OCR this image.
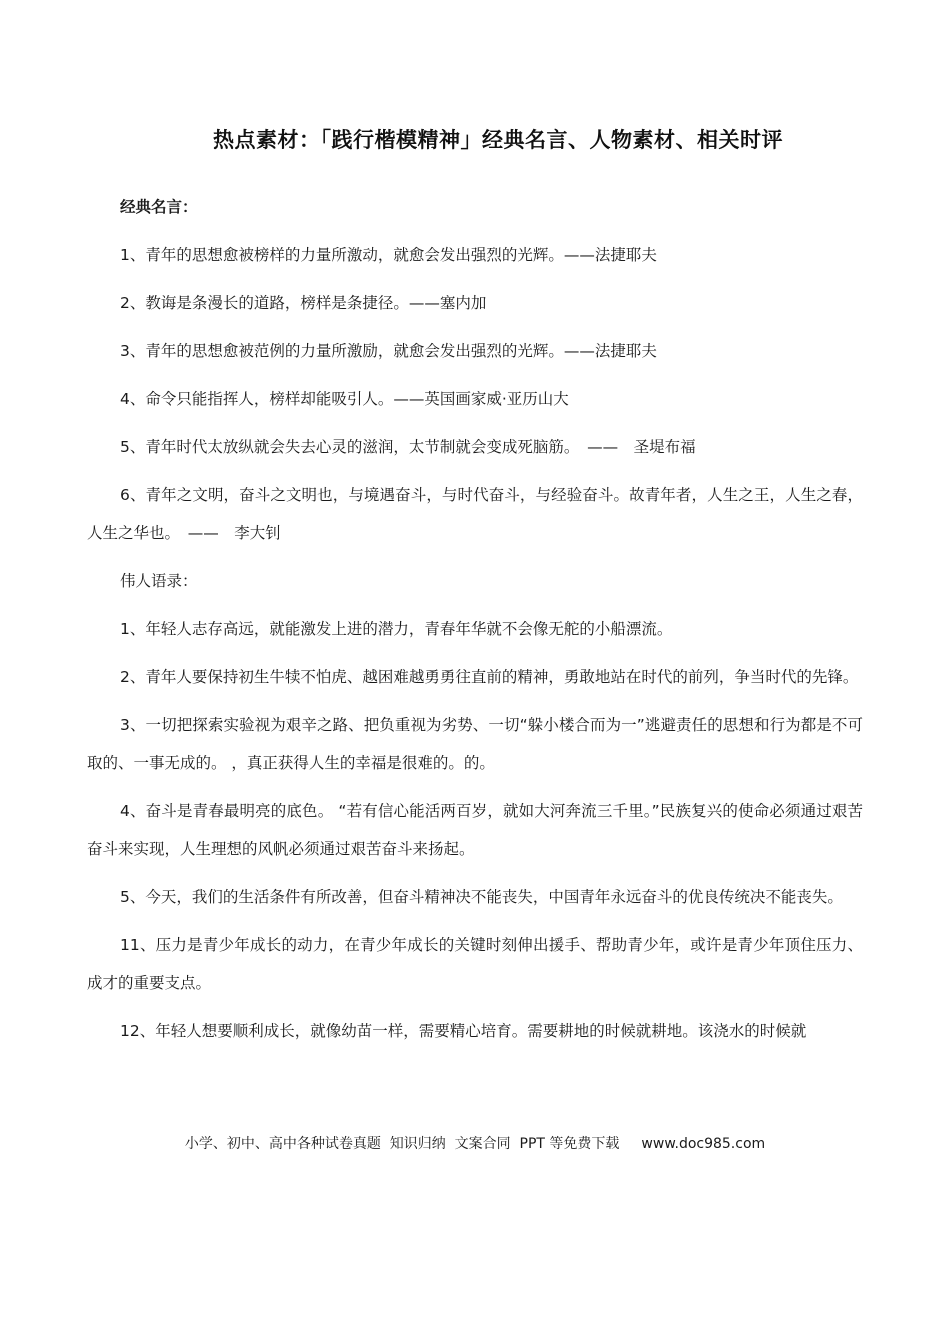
热点素材：「践行楷模精神」经典名言、人物素材、相关时评
经典名言：
1、青年的思想愈被榜样的力量所激动，就愈会发出强烈的光辉。——法捷耶夫
2、教诲是条漫长的道路，榜样是条捷径。——塞内加
3、青年的思想愈被范例的力量所激励，就愈会发出强烈的光辉。——法捷耶夫
4、命令只能指挥人，榜样却能吸引人。——英国画家威·亚历山大
5、青年时代太放纵就会失去心灵的滋润，太节制就会变成死脑筋。　——　圣堤布福
6、青年之文明，奋斗之文明也，与境遇奋斗，与时代奋斗，与经验奋斗。故青年者，人生之王，人生之春，人生之华也。　——　李大钊
伟人语录：
1、年轻人志存高远，就能激发上进的潜力，青春年华就不会像无舵的小船漂流。
2、青年人要保持初生牛犊不怕虎、越困难越勇勇往直前的精神，勇敢地站在时代的前列，争当时代的先锋。
3、一切把探索实验视为艰辛之路、把负重视为劣势、一切“躲小楼合而为一”逃避责任的思想和行为都是不可取的、一事无成的。 ，真正获得人生的幸福是很难的。的。
4、奋斗是青春最明亮的底色。 “若有信心能活两百岁，就如大河奔流三千里。”民族复兴的使命必须通过艰苦奋斗来实现，人生理想的风帆必须通过艰苦奋斗来扬起。
5、今天，我们的生活条件有所改善，但奋斗精神决不能丧失，中国青年永远奋斗的优良传统决不能丧失。
11、压力是青少年成长的动力，在青少年成长的关键时刻伸出援手、帮助青少年，或许是青少年顶住压力、成才的重要支点。
12、年轻人想要顺利成长，就像幼苗一样，需要精心培育。需要耕地的时候就耕地。该浇水的时候就
小学、初中、高中各种试卷真题  知识归纳  文案合同  PPT 等免费下载 www.doc985.com
